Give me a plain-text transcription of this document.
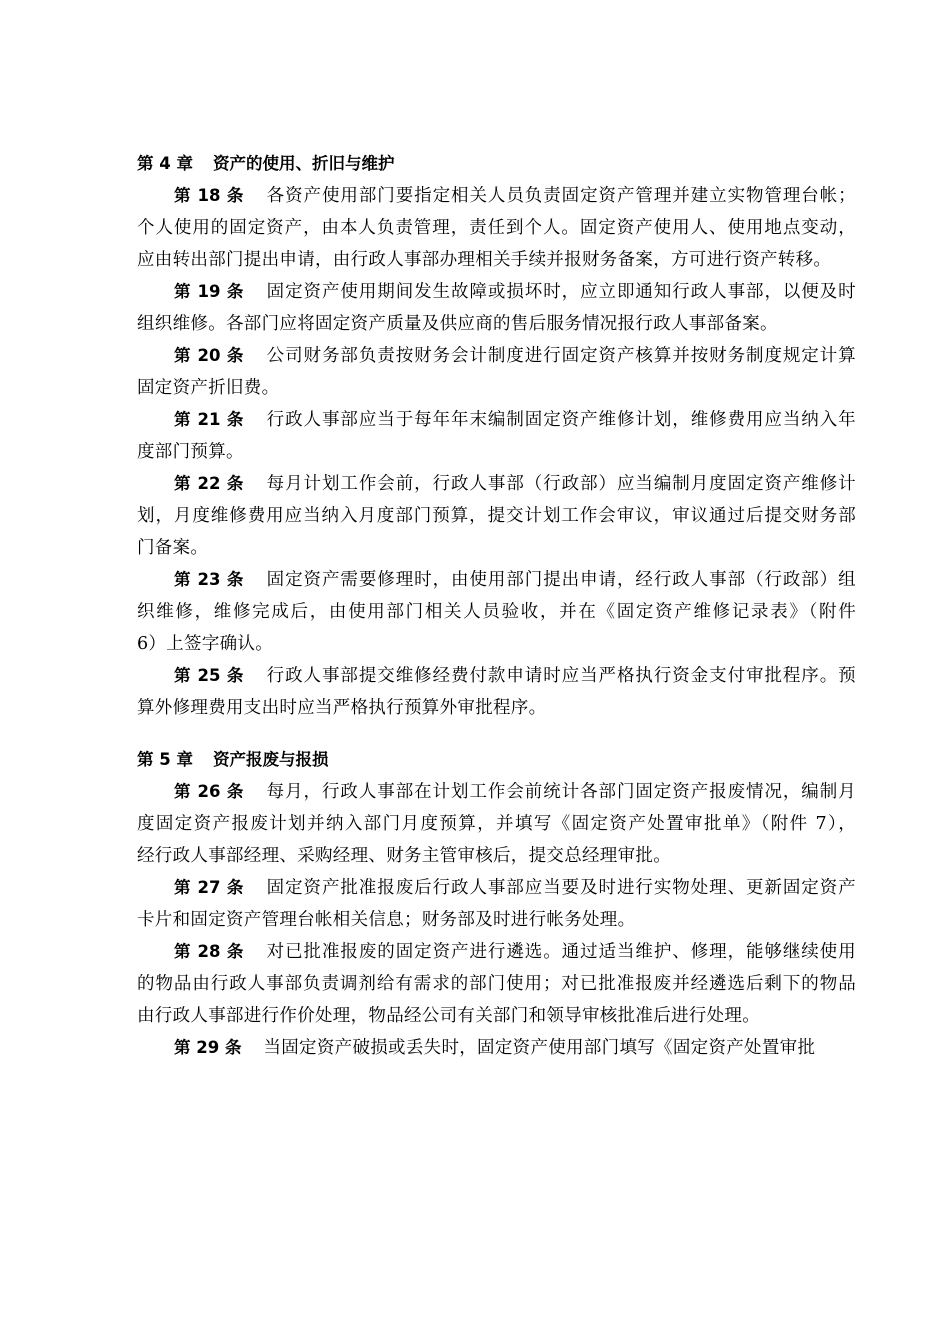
第 4 章 资产的使用、折旧与维护
第 18 条 各资产使用部门要指定相关人员负责固定资产管理并建立实物管理台帐；
个人使用的固定资产，由本人负责管理，责任到个人。固定资产使用人、使用地点变动，
应由转出部门提出申请，由行政人事部办理相关手续并报财务备案，方可进行资产转移。
第 19 条 固定资产使用期间发生故障或损坏时，应立即通知行政人事部，以便及时
组织维修。各部门应将固定资产质量及供应商的售后服务情况报行政人事部备案。
第 20 条 公司财务部负责按财务会计制度进行固定资产核算并按财务制度规定计算
固定资产折旧费。
第 21 条 行政人事部应当于每年年末编制固定资产维修计划，维修费用应当纳入年
度部门预算。
第 22 条 每月计划工作会前，行政人事部（行政部）应当编制月度固定资产维修计
划，月度维修费用应当纳入月度部门预算，提交计划工作会审议，审议通过后提交财务部
门备案。
第 23 条 固定资产需要修理时，由使用部门提出申请，经行政人事部（行政部）组
织维修，维修完成后，由使用部门相关人员验收，并在《固定资产维修记录表》（附件
6）上签字确认。
第 25 条 行政人事部提交维修经费付款申请时应当严格执行资金支付审批程序。预
算外修理费用支出时应当严格执行预算外审批程序。
第 5 章 资产报废与报损
第 26 条 每月，行政人事部在计划工作会前统计各部门固定资产报废情况，编制月
度固定资产报废计划并纳入部门月度预算，并填写《固定资产处置审批单》（附件 7），
经行政人事部经理、采购经理、财务主管审核后，提交总经理审批。
第 27 条 固定资产批准报废后行政人事部应当要及时进行实物处理、更新固定资产
卡片和固定资产管理台帐相关信息；财务部及时进行帐务处理。
第 28 条 对已批准报废的固定资产进行遴选。通过适当维护、修理，能够继续使用
的物品由行政人事部负责调剂给有需求的部门使用；对已批准报废并经遴选后剩下的物品
由行政人事部进行作价处理，物品经公司有关部门和领导审核批准后进行处理。
第 29 条 当固定资产破损或丢失时，固定资产使用部门填写《固定资产处置审批
